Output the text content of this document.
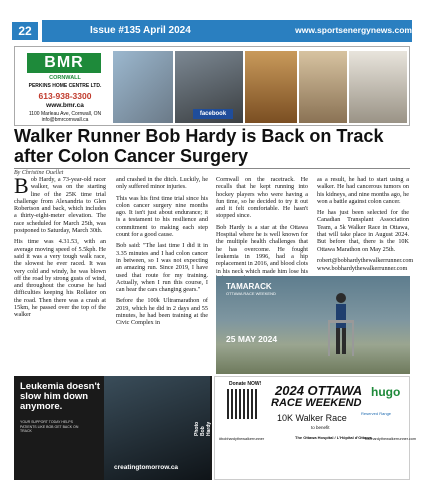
22	Issue #135 April 2024	www.sportsenergynews.com
BMR
CORNWALL
PERKINS HOME CENTRE LTD.
613-938-3300
www.bmr.ca
1100 Marleau Ave, Cornwall, ON
info@bmrcornwall.ca
facebook
Walker Runner Bob Hardy is Back on Track after Colon Cancer Surgery
By Christine Ouellet

Bob Hardy, a 73-year-old racer walker, was on the starting line of the 25K time trial challenge from Alexandria to Glen Robertson and back, which includes a thirty-eight-meter elevation. The race scheduled for March 25th, was postponed to Saturday, March 30th.

His time was 4.31.53, with an average moving speed of 5.5kph. He said it was a very tough walk race, the slowest he ever raced. It was very cold and windy, he was blown off the road by strong gusts of wind, and throughout the course he had difficulties keeping his Rollator on the road. Then there was a crash at 15km, he passed over the top of the walker

and crashed in the ditch. Luckily, he only suffered minor injuries.

This was his first time trial since his colon cancer surgery nine months ago. It isn't just about endurance; it is a testament to his resilience and commitment to making each step count for a good cause.

Bob said: "The last time I did it in 3.35 minutes and I had colon cancer in between, so I was not expecting an amazing run. Since 2019, I have used that route for my training. Actually, when I run this course, I can hear the cars changing gears."

Before the 100k Ultramarathon of 2019, which he did in 2 days and 55 minutes, he had been training at the Civic Complex in

Cornwall on the racetrack. He recalls that he kept running into hockey players who were having a fun time, so he decided to try it out and it felt comfortable. He hasn't stopped since.

Bob Hardy is a star at the Ottawa Hospital where he is well known for the multiple health challenges that he has overcome. He fought leukemia in 1996, had a hip replacement in 2016, and blood clots in his neck which made him lose his

as a result, he had to start using a walker. He had cancerous tumors on his kidneys, and nine months ago, he won a battle against colon cancer.

He has just been selected for the Canadian Transplant Association Team, a 5k Walker Race in Ottawa, that will take place in August 2024. But before that, there is the 10K Ottawa Marathon on May 25th.

robert@bobhardythewalkerrunner.com

www.bobhardythewalkerrunner.com

TAMARACK
OTTAWA RACE WEEKEND
25 MAY 2024
Leukemia doesn't slow him down anymore.
YOUR SUPPORT TODAY HELPS PATIENTS LIKE BOB GET BACK ON TRACK
creatingtomorrow.ca
Photo Bob Hardy
Donate NOW! 2024 OTTAWA
RACE WEEKEND
10K Walker Race
to benefit
hugo
Reserved Range
#bobhardythewalkerrunner	The Ottawa Hospital / L'Hôpital d'Ottawa
bobhardythewalkerrunner.com
